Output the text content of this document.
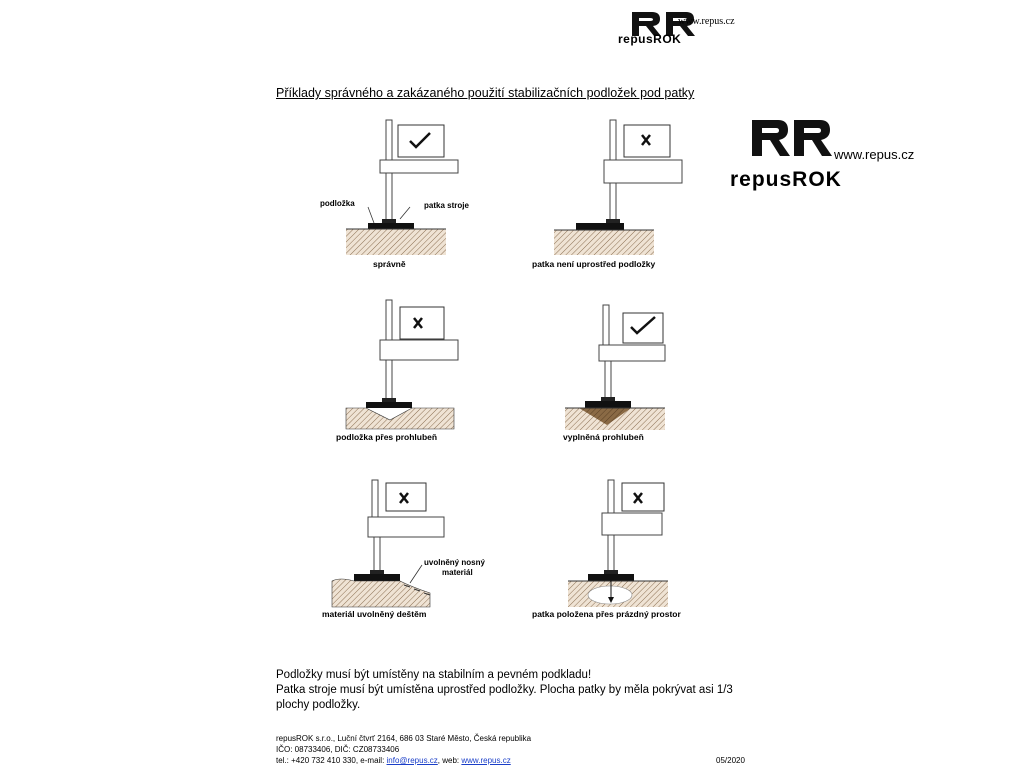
www.repus.cz
repusROK
www.repus.cz
repusROK
Příklady správného a zakázaného použití stabilizačních podložek pod patky
podložka	patka stroje
správně	patka není uprostřed podložky
podložka přes prohlubeň	vyplněná prohlubeň
uvolněný nosný
materiál
materiál uvolněný deštěm	patka položena přes prázdný prostor
Podložky musí být umístěny na stabilním a pevném podkladu!
Patka stroje musí být umístěna uprostřed podložky. Plocha patky by měla pokrývat asi 1/3 plochy podložky.
repusROK s.r.o., Luční čtvrť 2164, 686 03 Staré Město, Česká republika
IČO: 08733406, DIČ: CZ08733406
tel.: +420 732 410 330, e-mail: info@repus.cz, web: www.repus.cz	05/2020
